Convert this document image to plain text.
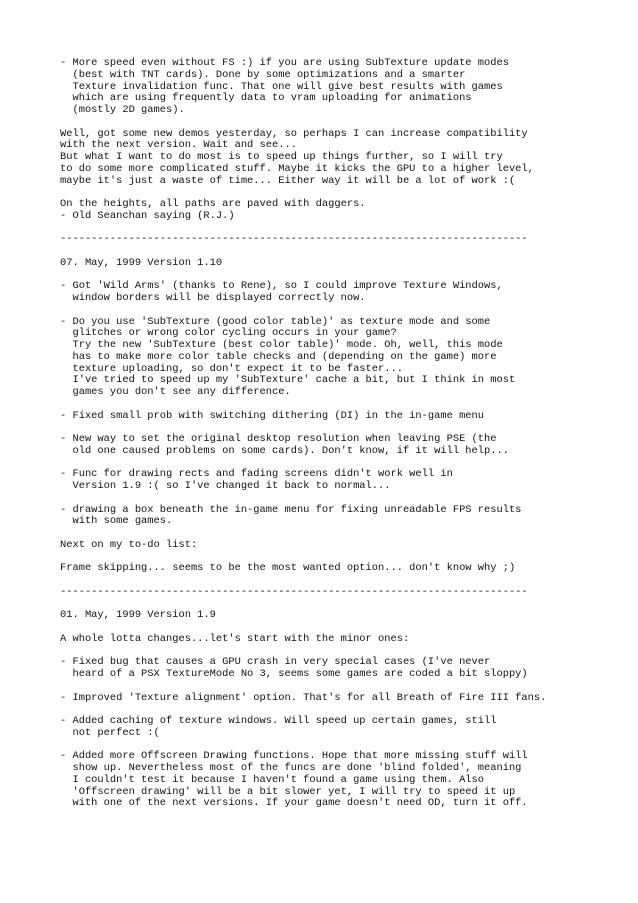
- More speed even without FS :) if you are using SubTexture update modes
(best with TNT cards). Done by some optimizations and a smarter
Texture invalidation func. That one will give best results with games
which are using frequently data to vram uploading for animations
(mostly 2D games).
Well, got some new demos yesterday, so perhaps I can increase compatibility
with the next version. Wait and see...
But what I want to do most is to speed up things further, so I will try
to do some more complicated stuff. Maybe it kicks the GPU to a higher level,
maybe it's just a waste of time... Either way it will be a lot of work :(
On the heights, all paths are paved with daggers.
- Old Seanchan saying (R.J.)
---------------------------------------------------------------------------
07. May, 1999 Version 1.10
- Got 'Wild Arms' (thanks to Rene), so I could improve Texture Windows,
window borders will be displayed correctly now.
- Do you use 'SubTexture (good color table)' as texture mode and some
glitches or wrong color cycling occurs in your game?
Try the new 'SubTexture (best color table)' mode. Oh, well, this mode
has to make more color table checks and (depending on the game) more
texture uploading, so don't expect it to be faster...
I've tried to speed up my 'SubTexture' cache a bit, but I think in most
games you don't see any difference.
- Fixed small prob with switching dithering (DI) in the in-game menu
- New way to set the original desktop resolution when leaving PSE (the
old one caused problems on some cards). Don't know, if it will help...
- Func for drawing rects and fading screens didn't work well in
Version 1.9 :( so I've changed it back to normal...
- drawing a box beneath the in-game menu for fixing unreadable FPS results
with some games.
Next on my to-do list:
Frame skipping... seems to be the most wanted option... don't know why ;)
---------------------------------------------------------------------------
01. May, 1999 Version 1.9
A whole lotta changes...let's start with the minor ones:
- Fixed bug that causes a GPU crash in very special cases (I've never
heard of a PSX TextureMode No 3, seems some games are coded a bit sloppy)
- Improved 'Texture alignment' option. That's for all Breath of Fire III fans.
- Added caching of texture windows. Will speed up certain games, still
not perfect :(
- Added more Offscreen Drawing functions. Hope that more missing stuff will
show up. Nevertheless most of the funcs are done 'blind folded', meaning
I couldn't test it because I haven't found a game using them. Also
'Offscreen drawing' will be a bit slower yet, I will try to speed it up
with one of the next versions. If your game doesn't need OD, turn it off.
